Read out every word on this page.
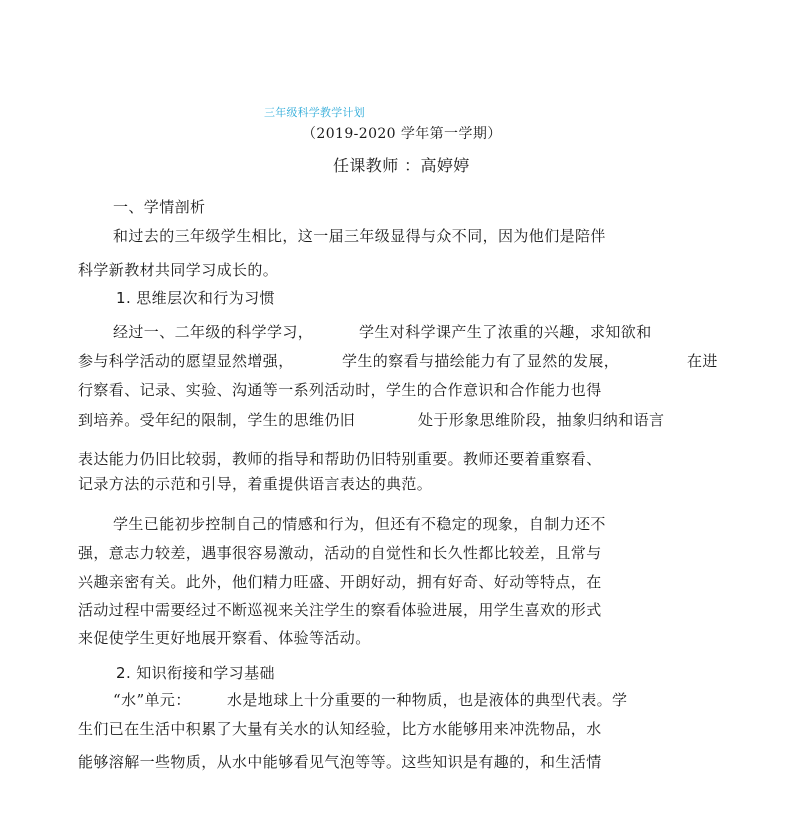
三年级科学教学计划
（2019-2020 学年第一学期）
任课教师 ：高婷婷
一、学情剖析
和过去的三年级学生相比，这一届三年级显得与众不同，因为他们是陪伴
科学新教材共同学习成长的。
1. 思维层次和行为习惯
经过一、二年级的科学学习，	学生对科学课产生了浓重的兴趣，求知欲和
参与科学活动的愿望显然增强，	学生的察看与描绘能力有了显然的发展，	在进
行察看、记录、实验、沟通等一系列活动时，学生的合作意识和合作能力也得
到培养。受年纪的限制，学生的思维仍旧	处于形象思维阶段，抽象归纳和语言
表达能力仍旧比较弱，教师的指导和帮助仍旧特别重要。教师还要着重察看、
记录方法的示范和引导，着重提供语言表达的典范。
学生已能初步控制自己的情感和行为，但还有不稳定的现象，自制力还不
强，意志力较差，遇事很容易激动，活动的自觉性和长久性都比较差，且常与
兴趣亲密有关。此外，他们精力旺盛、开朗好动，拥有好奇、好动等特点，在
活动过程中需要经过不断巡视来关注学生的察看体验进展，用学生喜欢的形式
来促使学生更好地展开察看、体验等活动。
2. 知识衔接和学习基础
“水”单元： 水是地球上十分重要的一种物质，也是液体的典型代表。学
生们已在生活中积累了大量有关水的认知经验，比方水能够用来冲洗物品，水
能够溶解一些物质，从水中能够看见气泡等等。这些知识是有趣的，和生活情
